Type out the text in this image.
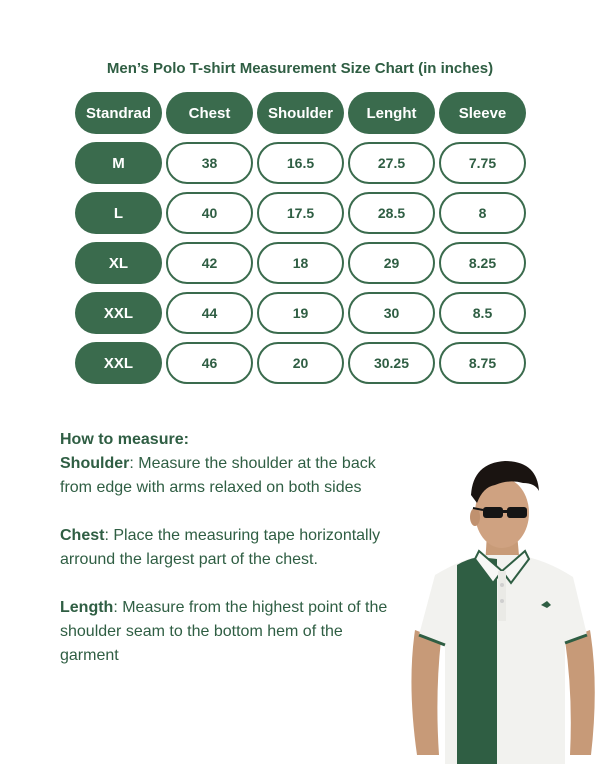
Men’s Polo T-shirt Measurement Size Chart (in inches)
Standrad	Chest	Shoulder	Lenght	Sleeve
M	38	16.5	27.5	7.75
L	40	17.5	28.5	8
XL	42	18	29	8.25
XXL	44	19	30	8.5
XXL	46	20	30.25	8.75
How to measure:
Shoulder: Measure the shoulder at the back from edge with arms relaxed on both sides
Chest: Place the measuring tape horizontally arround the largest part of the chest.
Length: Measure from the highest point of the shoulder seam to the bottom hem of the garment
